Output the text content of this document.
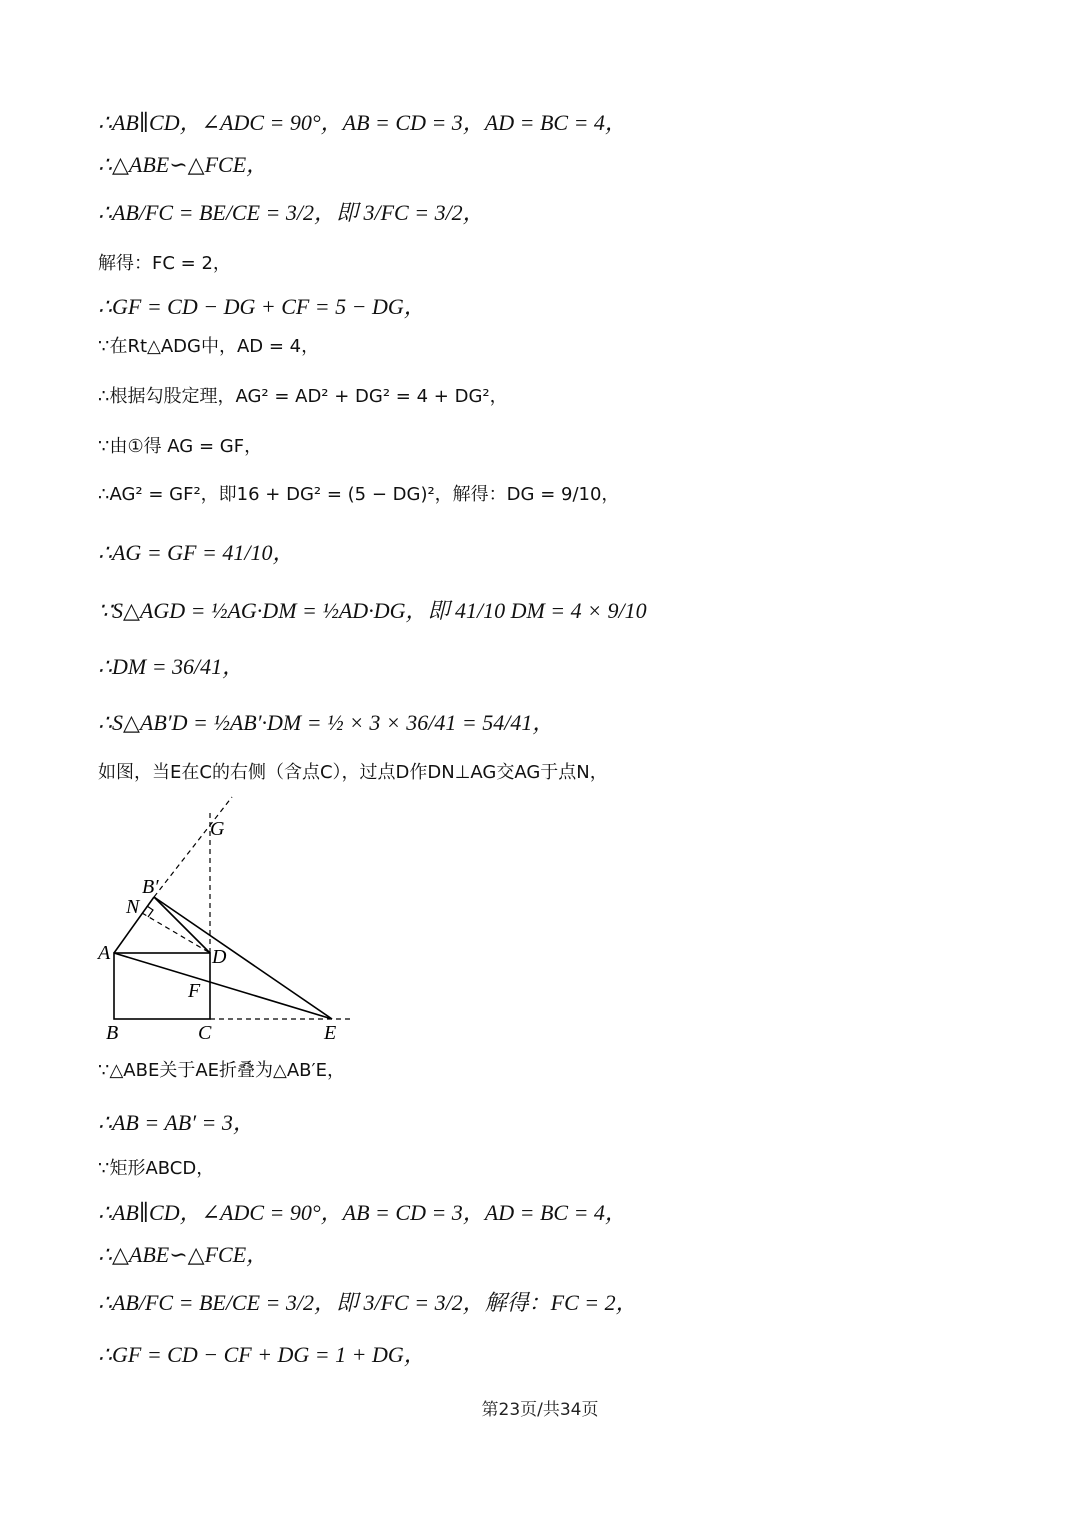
∴AB∥CD，∠ADC = 90°，AB = CD = 3，AD = BC = 4，
∴△ABE∽△FCE，
∴AB/FC = BE/CE = 3/2，即 3/FC = 3/2，
解得：FC = 2，
∴GF = CD − DG + CF = 5 − DG，
∵在Rt△ADG中，AD = 4，
∴根据勾股定理，AG² = AD² + DG² = 4 + DG²，
∵由①得 AG = GF，
∴AG² = GF²，即16 + DG² = (5 − DG)²，解得：DG = 9/10，
∴AG = GF = 41/10，
∵S△AGD = ½AG·DM = ½AD·DG，即 41/10 DM = 4 × 9/10
∴DM = 36/41，
∴S△AB′D = ½AB′·DM = ½ × 3 × 36/41 = 54/41，
如图，当E在C的右侧（含点C），过点D作DN⊥AG交AG于点N，
G
B′
N
A	D
F
B	C	E
∵△ABE关于AE折叠为△AB′E，
∴AB = AB′ = 3，
∵矩形ABCD，
∴AB∥CD，∠ADC = 90°，AB = CD = 3，AD = BC = 4，
∴△ABE∽△FCE，
∴AB/FC = BE/CE = 3/2，即 3/FC = 3/2，解得：FC = 2，
∴GF = CD − CF + DG = 1 + DG，
第23页/共34页
